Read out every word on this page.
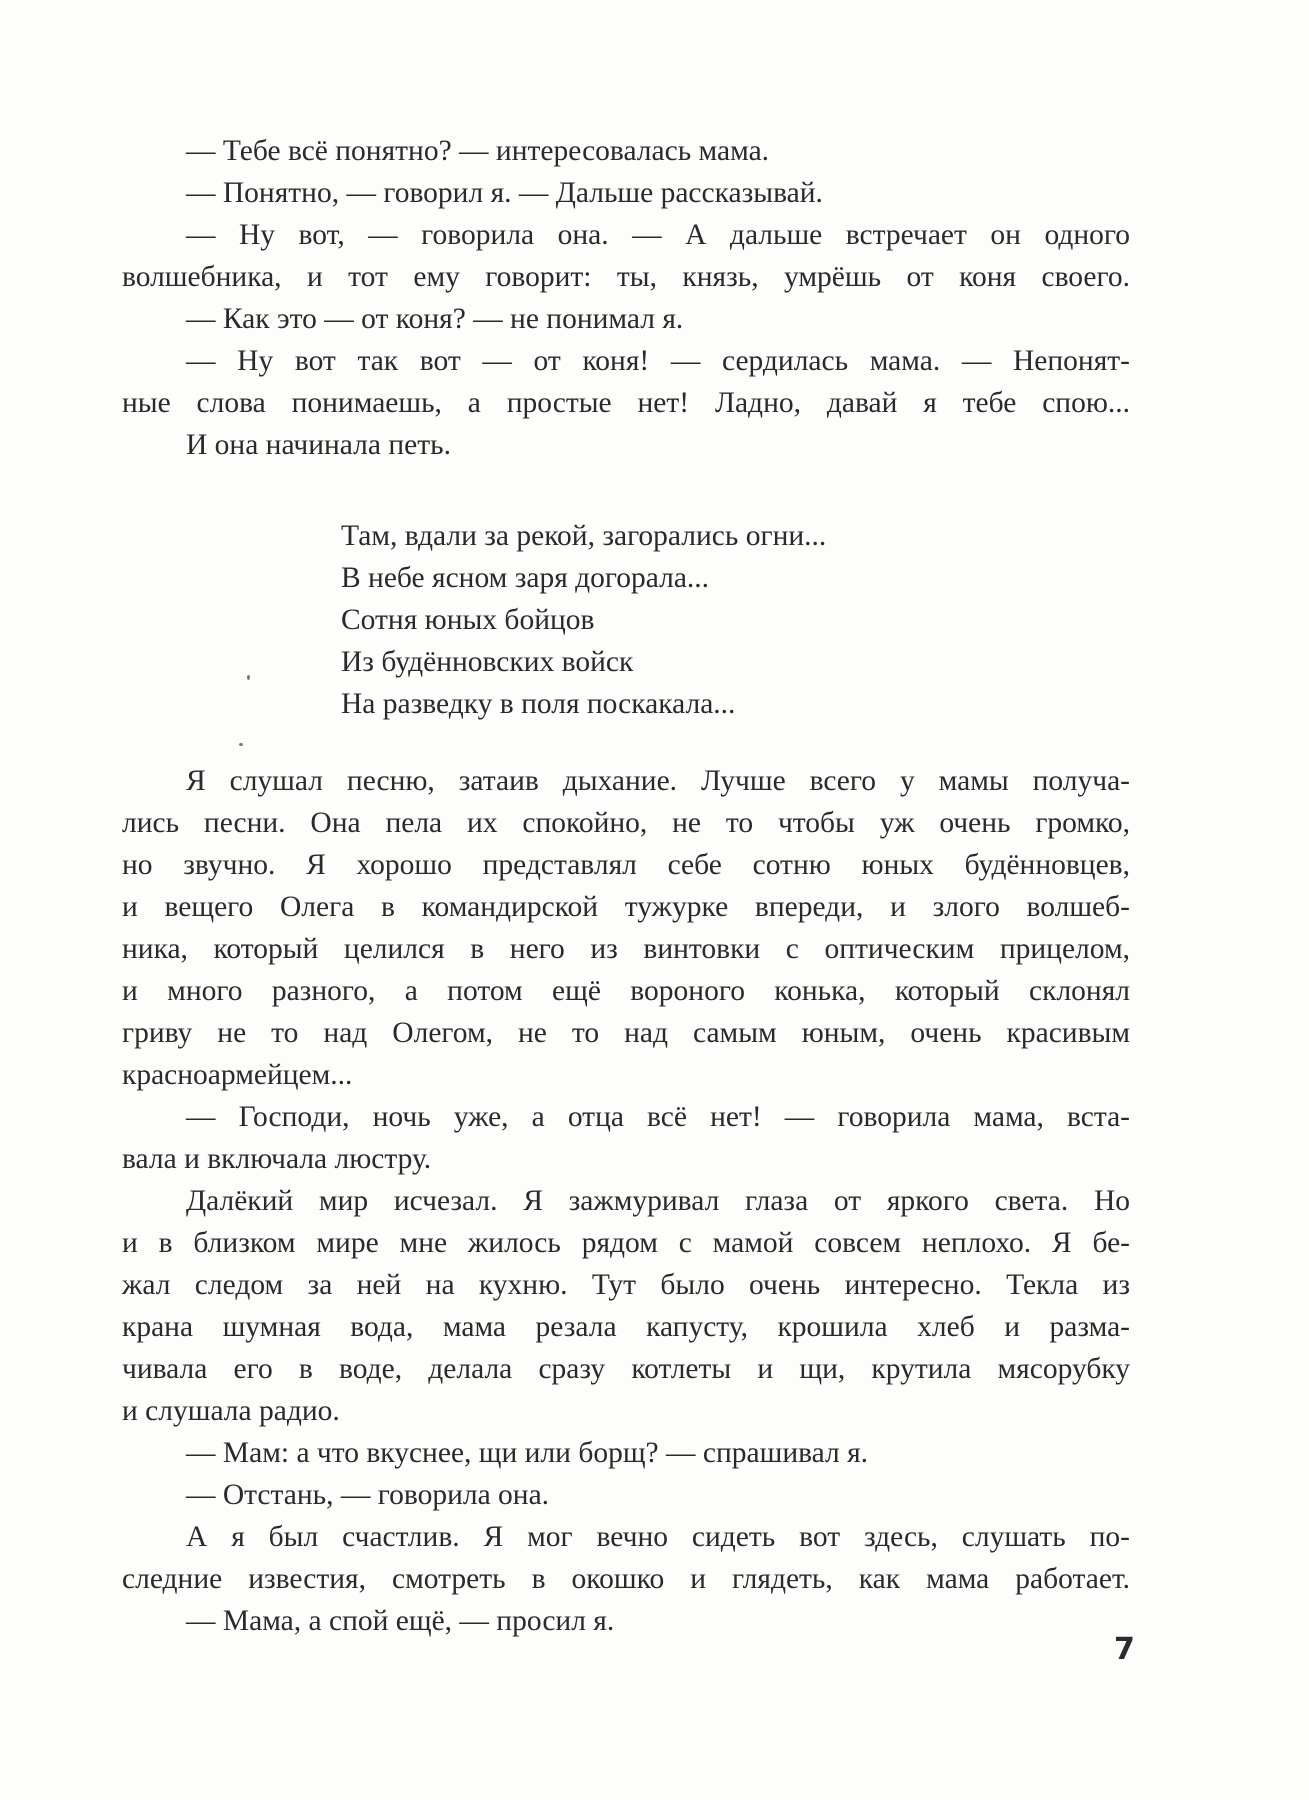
— Тебе всё понятно? — интересовалась мама.
— Понятно, — говорил я. — Дальше рассказывай.
— Ну вот, — говорила она. — А дальше встречает он одного
волшебника, и тот ему говорит: ты, князь, умрёшь от коня своего.
— Как это — от коня? — не понимал я.
— Ну вот так вот — от коня! — сердилась мама. — Непонят-
ные слова понимаешь, а простые нет! Ладно, давай я тебе спою...
И она начинала петь.
Там, вдали за рекой, загорались огни...
В небе ясном заря догорала...
Сотня юных бойцов
Из будённовских войск
На разведку в поля поскакала...
Я слушал песню, затаив дыхание. Лучше всего у мамы получа-
лись песни. Она пела их спокойно, не то чтобы уж очень громко,
но звучно. Я хорошо представлял себе сотню юных будённовцев,
и вещего Олега в командирской тужурке впереди, и злого волшеб-
ника, который целился в него из винтовки с оптическим прицелом,
и много разного, а потом ещё вороного конька, который склонял
гриву не то над Олегом, не то над самым юным, очень красивым
красноармейцем...
— Господи, ночь уже, а отца всё нет! — говорила мама, вста-
вала и включала люстру.
Далёкий мир исчезал. Я зажмуривал глаза от яркого света. Но
и в близком мире мне жилось рядом с мамой совсем неплохо. Я бе-
жал следом за ней на кухню. Тут было очень интересно. Текла из
крана шумная вода, мама резала капусту, крошила хлеб и разма-
чивала его в воде, делала сразу котлеты и щи, крутила мясорубку
и слушала радио.
— Мам: а что вкуснее, щи или борщ? — спрашивал я.
— Отстань, — говорила она.
А я был счастлив. Я мог вечно сидеть вот здесь, слушать по-
следние известия, смотреть в окошко и глядеть, как мама работает.
— Мама, а спой ещё, — просил я.
7
